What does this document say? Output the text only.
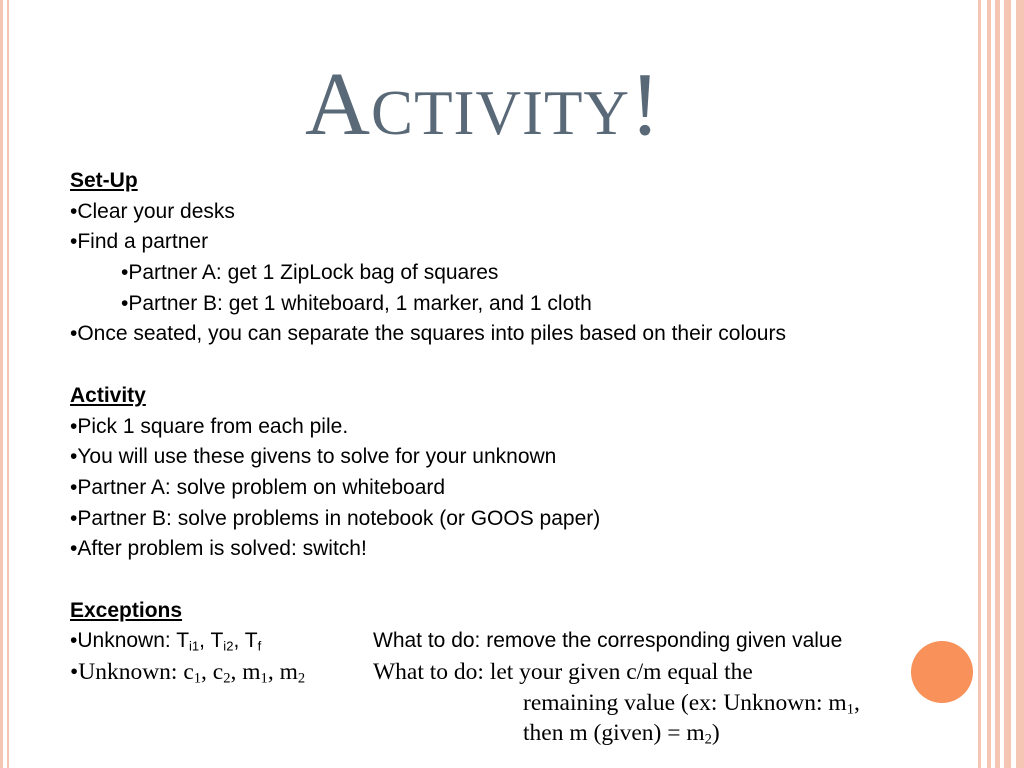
Activity!
Set-Up
•Clear your desks
•Find a partner
•Partner A: get 1 ZipLock bag of squares
•Partner B: get 1 whiteboard, 1 marker, and 1 cloth
•Once seated, you can separate the squares into piles based on their colours
Activity
•Pick 1 square from each pile.
•You will use these givens to solve for your unknown
•Partner A: solve problem on whiteboard
•Partner B: solve problems in notebook (or GOOS paper)
•After problem is solved: switch!
Exceptions
•Unknown: $T_{i1}$, $T_{i2}$, $T_f$	What to do: remove the corresponding given value
•Unknown: $c_1$, $c_2$, $m_1$, $m_2$	What to do: let your given c/m equal the
remaining value (ex: Unknown: $m_1$,
then m (given) = $m_2$)
